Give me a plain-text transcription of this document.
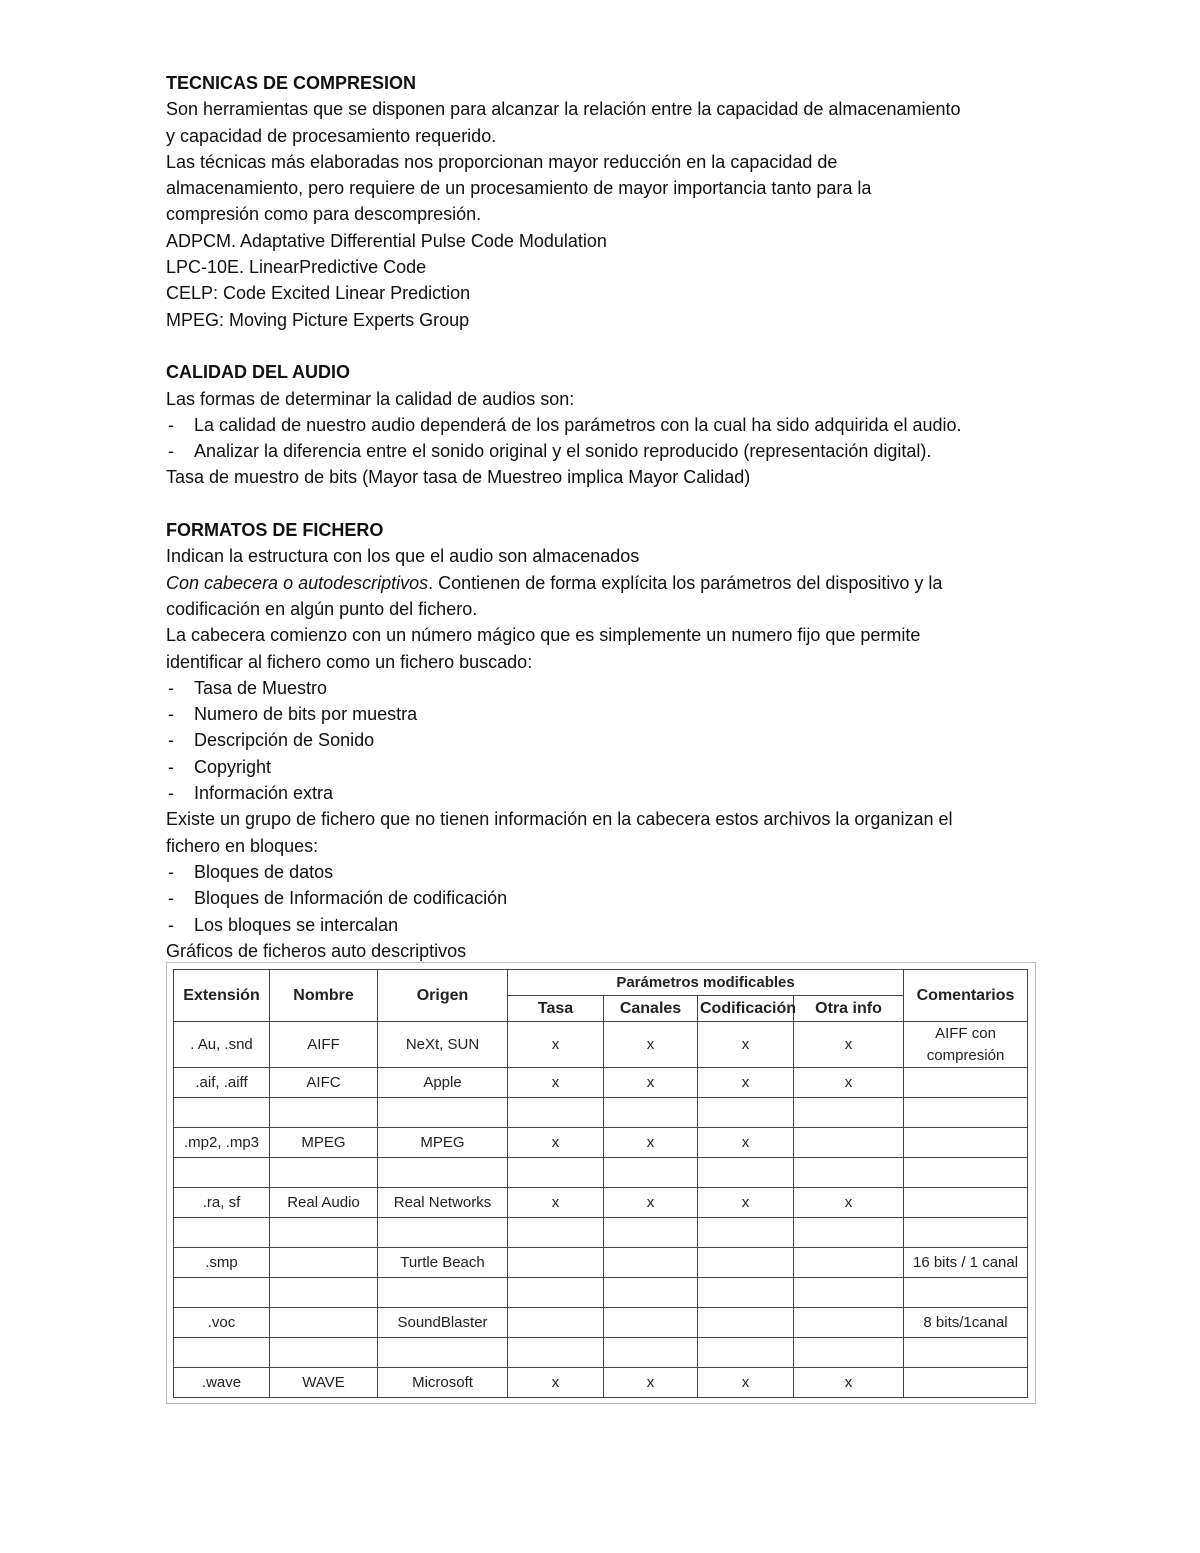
TECNICAS DE COMPRESION

Son herramientas que se disponen para alcanzar la relación entre la capacidad de almacenamiento

y capacidad de procesamiento requerido.

Las técnicas más elaboradas nos proporcionan mayor reducción en la capacidad de

almacenamiento, pero requiere de un procesamiento de mayor importancia tanto para la

compresión como para descompresión.

ADPCM. Adaptative Differential Pulse Code Modulation

LPC-10E. LinearPredictive Code

CELP: Code Excited Linear Prediction

MPEG: Moving Picture Experts Group

CALIDAD DEL AUDIO

Las formas de determinar la calidad de audios son:

- La calidad de nuestro audio dependerá de los parámetros con la cual ha sido adquirida el audio.

- Analizar la diferencia entre el sonido original y el sonido reproducido (representación digital).

Tasa de muestro de bits (Mayor tasa de Muestreo implica Mayor Calidad)

FORMATOS DE FICHERO

Indican la estructura con los que el audio son almacenados

Con cabecera o autodescriptivos. Contienen de forma explícita los parámetros del dispositivo y la

codificación en algún punto del fichero.

La cabecera comienzo con un número mágico que es simplemente un numero fijo que permite

identificar al fichero como un fichero buscado:

- Tasa de Muestro

- Numero de bits por muestra

- Descripción de Sonido

- Copyright

- Información extra

Existe un grupo de fichero que no tienen información en la cabecera estos archivos la organizan el

fichero en bloques:

- Bloques de datos

- Bloques de Información de codificación

- Los bloques se intercalan

Gráficos de ficheros auto descriptivos

Extensión	Nombre	Origen	Parámetros modificables				Comentarios
			Tasa	Canales	Codificación	Otra info	
. Au, .snd	AIFF	NeXt, SUN	x	x	x	x	AIFF con
compresión

.aif, .aiff	AIFC	Apple	x	x	x	x	

.mp2, .mp3	MPEG	MPEG	x	x	x		

.ra, sf	Real Audio	Real Networks	x	x	x	x	

.smp		Turtle Beach					16 bits / 1 canal

.voc		SoundBlaster					8 bits/1canal

.wave	WAVE	Microsoft	x	x	x	x	
